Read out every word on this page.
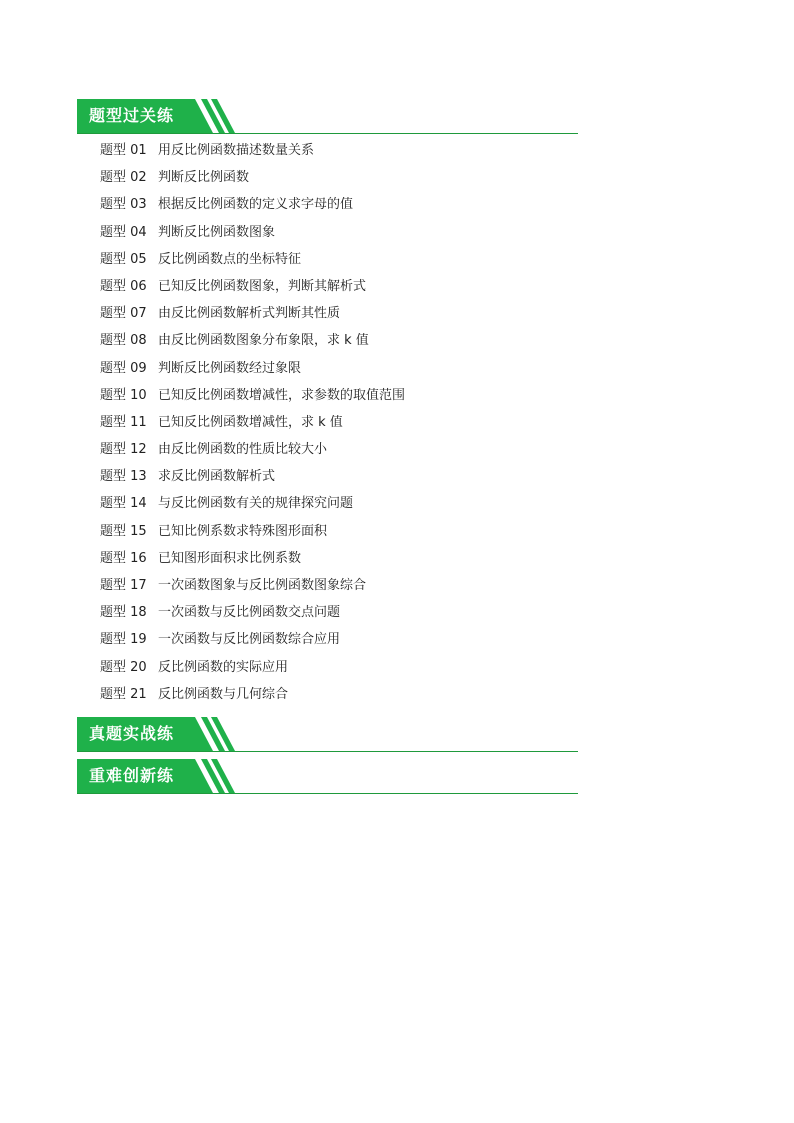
题型过关练
题型 01 用反比例函数描述数量关系
题型 02 判断反比例函数
题型 03 根据反比例函数的定义求字母的值
题型 04 判断反比例函数图象
题型 05 反比例函数点的坐标特征
题型 06 已知反比例函数图象，判断其解析式
题型 07 由反比例函数解析式判断其性质
题型 08 由反比例函数图象分布象限，求 k 值
题型 09 判断反比例函数经过象限
题型 10 已知反比例函数增减性，求参数的取值范围
题型 11 已知反比例函数增减性，求 k 值
题型 12 由反比例函数的性质比较大小
题型 13 求反比例函数解析式
题型 14 与反比例函数有关的规律探究问题
题型 15 已知比例系数求特殊图形面积
题型 16 已知图形面积求比例系数
题型 17 一次函数图象与反比例函数图象综合
题型 18 一次函数与反比例函数交点问题
题型 19 一次函数与反比例函数综合应用
题型 20 反比例函数的实际应用
题型 21 反比例函数与几何综合
真题实战练
重难创新练
